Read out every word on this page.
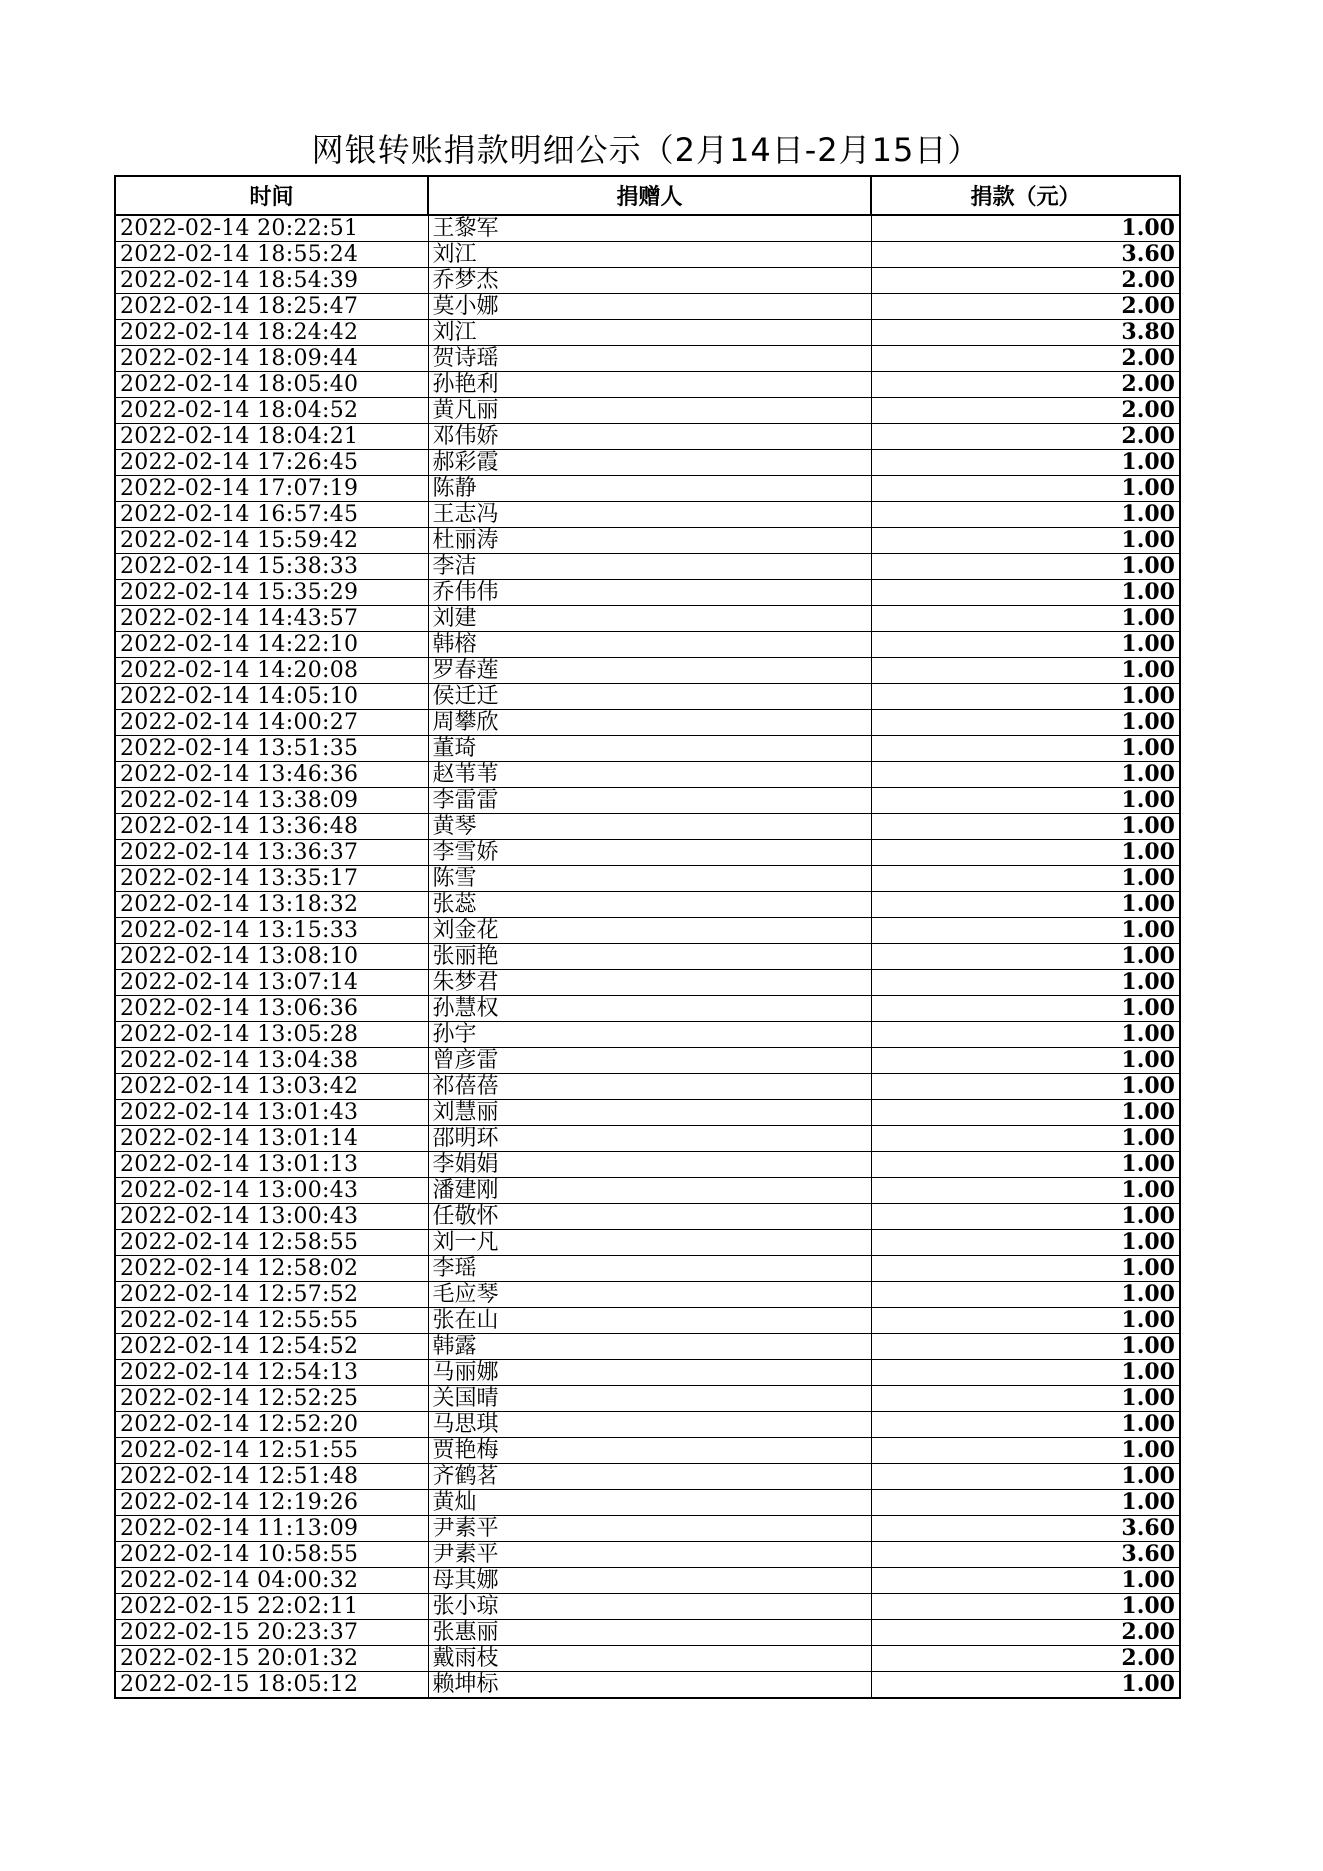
网银转账捐款明细公示（2月14日-2月15日）
时间	捐赠人	捐款（元）
2022-02-14 20:22:51	王黎军	1.00
2022-02-14 18:55:24	刘江	3.60
2022-02-14 18:54:39	乔梦杰	2.00
2022-02-14 18:25:47	莫小娜	2.00
2022-02-14 18:24:42	刘江	3.80
2022-02-14 18:09:44	贺诗瑶	2.00
2022-02-14 18:05:40	孙艳利	2.00
2022-02-14 18:04:52	黄凡丽	2.00
2022-02-14 18:04:21	邓伟娇	2.00
2022-02-14 17:26:45	郝彩霞	1.00
2022-02-14 17:07:19	陈静	1.00
2022-02-14 16:57:45	王志冯	1.00
2022-02-14 15:59:42	杜丽涛	1.00
2022-02-14 15:38:33	李洁	1.00
2022-02-14 15:35:29	乔伟伟	1.00
2022-02-14 14:43:57	刘建	1.00
2022-02-14 14:22:10	韩榕	1.00
2022-02-14 14:20:08	罗春莲	1.00
2022-02-14 14:05:10	侯迁迁	1.00
2022-02-14 14:00:27	周攀欣	1.00
2022-02-14 13:51:35	董琦	1.00
2022-02-14 13:46:36	赵苇苇	1.00
2022-02-14 13:38:09	李雷雷	1.00
2022-02-14 13:36:48	黄琴	1.00
2022-02-14 13:36:37	李雪娇	1.00
2022-02-14 13:35:17	陈雪	1.00
2022-02-14 13:18:32	张蕊	1.00
2022-02-14 13:15:33	刘金花	1.00
2022-02-14 13:08:10	张丽艳	1.00
2022-02-14 13:07:14	朱梦君	1.00
2022-02-14 13:06:36	孙慧权	1.00
2022-02-14 13:05:28	孙宇	1.00
2022-02-14 13:04:38	曾彦雷	1.00
2022-02-14 13:03:42	祁蓓蓓	1.00
2022-02-14 13:01:43	刘慧丽	1.00
2022-02-14 13:01:14	邵明环	1.00
2022-02-14 13:01:13	李娟娟	1.00
2022-02-14 13:00:43	潘建刚	1.00
2022-02-14 13:00:43	任敬怀	1.00
2022-02-14 12:58:55	刘一凡	1.00
2022-02-14 12:58:02	李瑶	1.00
2022-02-14 12:57:52	毛应琴	1.00
2022-02-14 12:55:55	张在山	1.00
2022-02-14 12:54:52	韩露	1.00
2022-02-14 12:54:13	马丽娜	1.00
2022-02-14 12:52:25	关国晴	1.00
2022-02-14 12:52:20	马思琪	1.00
2022-02-14 12:51:55	贾艳梅	1.00
2022-02-14 12:51:48	齐鹤茗	1.00
2022-02-14 12:19:26	黄灿	1.00
2022-02-14 11:13:09	尹素平	3.60
2022-02-14 10:58:55	尹素平	3.60
2022-02-14 04:00:32	母其娜	1.00
2022-02-15 22:02:11	张小琼	1.00
2022-02-15 20:23:37	张惠丽	2.00
2022-02-15 20:01:32	戴雨枝	2.00
2022-02-15 18:05:12	赖坤标	1.00
